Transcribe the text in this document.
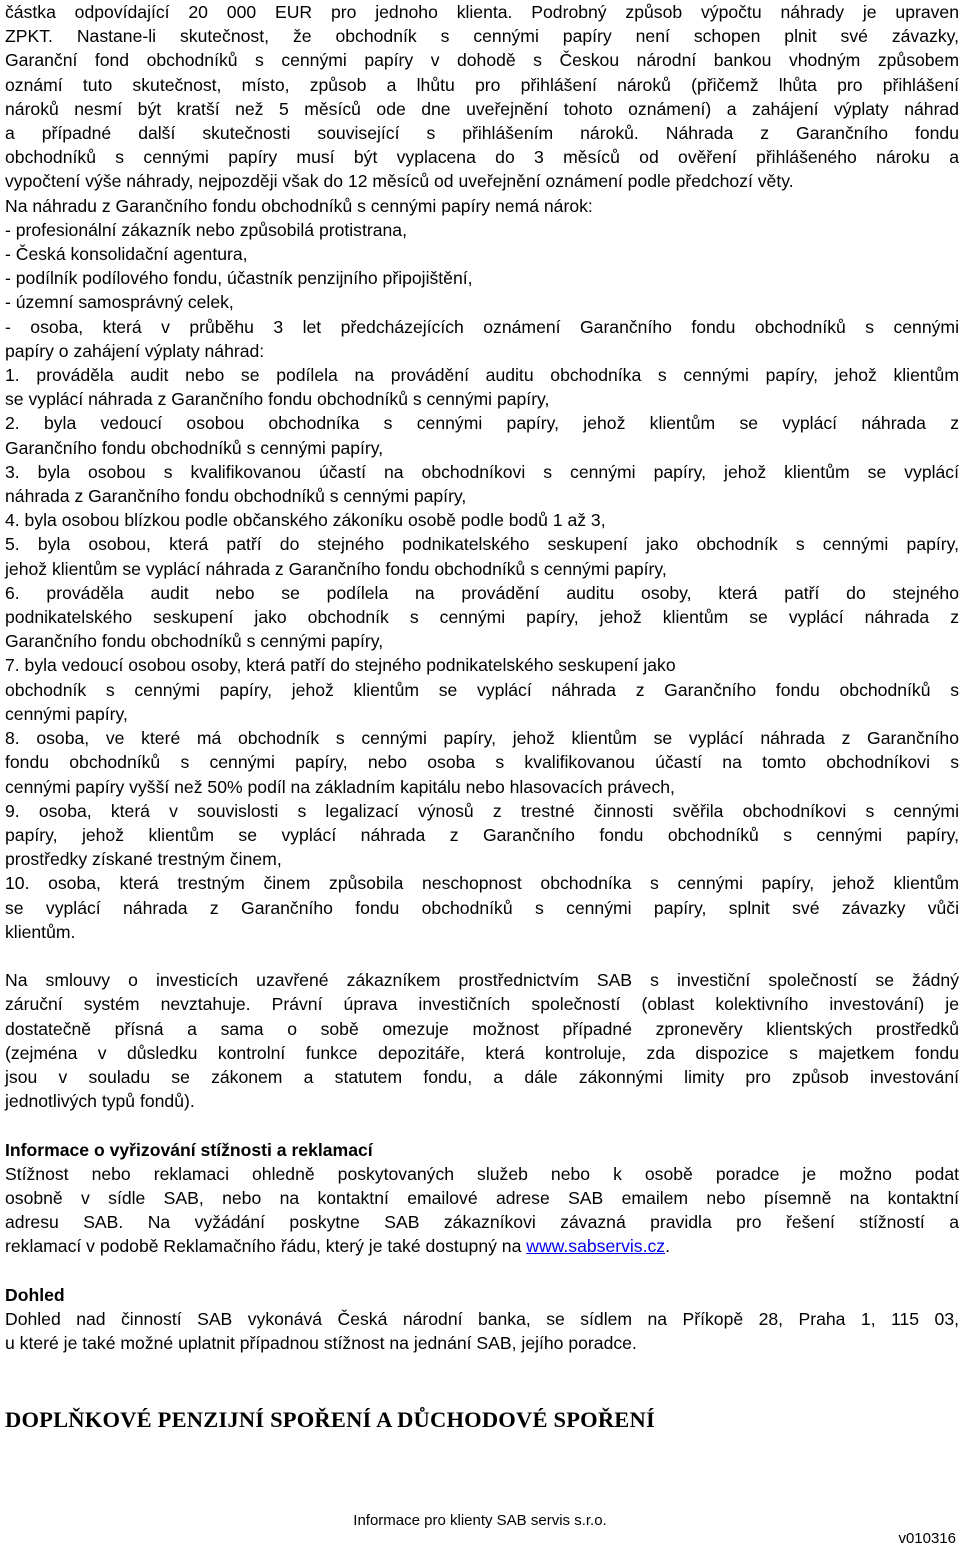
částka odpovídající 20 000 EUR pro jednoho klienta. Podrobný způsob výpočtu náhrady je upraven
ZPKT. Nastane-li skutečnost, že obchodník s cennými papíry není schopen plnit své závazky,
Garanční fond obchodníků s cennými papíry v dohodě s Českou národní bankou vhodným způsobem
oznámí tuto skutečnost, místo, způsob a lhůtu pro přihlášení nároků (přičemž lhůta pro přihlášení
nároků nesmí být kratší než 5 měsíců ode dne uveřejnění tohoto oznámení) a zahájení výplaty náhrad
a případné další skutečnosti související s přihlášením nároků. Náhrada z Garančního fondu
obchodníků s cennými papíry musí být vyplacena do 3 měsíců od ověření přihlášeného nároku a
vypočtení výše náhrady, nejpozději však do 12 měsíců od uveřejnění oznámení podle předchozí věty.
Na náhradu z Garančního fondu obchodníků s cennými papíry nemá nárok:
- profesionální zákazník nebo způsobilá protistrana,
- Česká konsolidační agentura,
- podílník podílového fondu, účastník penzijního připojištění,
- územní samosprávný celek,
- osoba, která v průběhu 3 let předcházejících oznámení Garančního fondu obchodníků s cennými
papíry o zahájení výplaty náhrad:
1. prováděla audit nebo se podílela na provádění auditu obchodníka s cennými papíry, jehož klientům
se vyplácí náhrada z Garančního fondu obchodníků s cennými papíry,
2. byla vedoucí osobou obchodníka s cennými papíry, jehož klientům se vyplácí náhrada z
Garančního fondu obchodníků s cennými papíry,
3. byla osobou s kvalifikovanou účastí na obchodníkovi s cennými papíry, jehož klientům se vyplácí
náhrada z Garančního fondu obchodníků s cennými papíry,
4. byla osobou blízkou podle občanského zákoníku osobě podle bodů 1 až 3,
5. byla osobou, která patří do stejného podnikatelského seskupení jako obchodník s cennými papíry,
jehož klientům se vyplácí náhrada z Garančního fondu obchodníků s cennými papíry,
6. prováděla audit nebo se podílela na provádění auditu osoby, která patří do stejného
podnikatelského seskupení jako obchodník s cennými papíry, jehož klientům se vyplácí náhrada z
Garančního fondu obchodníků s cennými papíry,
7. byla vedoucí osobou osoby, která patří do stejného podnikatelského seskupení jako
obchodník s cennými papíry, jehož klientům se vyplácí náhrada z Garančního fondu obchodníků s
cennými papíry,
8. osoba, ve které má obchodník s cennými papíry, jehož klientům se vyplácí náhrada z Garančního
fondu obchodníků s cennými papíry, nebo osoba s kvalifikovanou účastí na tomto obchodníkovi s
cennými papíry vyšší než 50% podíl na základním kapitálu nebo hlasovacích právech,
9. osoba, která v souvislosti s legalizací výnosů z trestné činnosti svěřila obchodníkovi s cennými
papíry, jehož klientům se vyplácí náhrada z Garančního fondu obchodníků s cennými papíry,
prostředky získané trestným činem,
10. osoba, která trestným činem způsobila neschopnost obchodníka s cennými papíry, jehož klientům
se vyplácí náhrada z Garančního fondu obchodníků s cennými papíry, splnit své závazky vůči
klientům.
Na smlouvy o investicích uzavřené zákazníkem prostřednictvím SAB s investiční společností se žádný
záruční systém nevztahuje. Právní úprava investičních společností (oblast kolektivního investování) je
dostatečně přísná a sama o sobě omezuje možnost případné zpronevěry klientských prostředků
(zejména v důsledku kontrolní funkce depozitáře, která kontroluje, zda dispozice s majetkem fondu
jsou v souladu se zákonem a statutem fondu, a dále zákonnými limity pro způsob investování
jednotlivých typů fondů).
Informace o vyřizování stížnosti a reklamací
Stížnost nebo reklamaci ohledně poskytovaných služeb nebo k osobě poradce je možno podat
osobně v sídle SAB, nebo na kontaktní emailové adrese SAB emailem nebo písemně na kontaktní
adresu SAB. Na vyžádání poskytne SAB zákazníkovi závazná pravidla pro řešení stížností a
reklamací v podobě Reklamačního řádu, který je také dostupný na www.sabservis.cz.
Dohled
Dohled nad činností SAB vykonává Česká národní banka, se sídlem na Příkopě 28, Praha 1, 115 03,
u které je také možné uplatnit případnou stížnost na jednání SAB, jejího poradce.
DOPLŇKOVÉ PENZIJNÍ SPOŘENÍ A DŮCHODOVÉ SPOŘENÍ
Informace pro klienty SAB servis s.r.o.
v010316
